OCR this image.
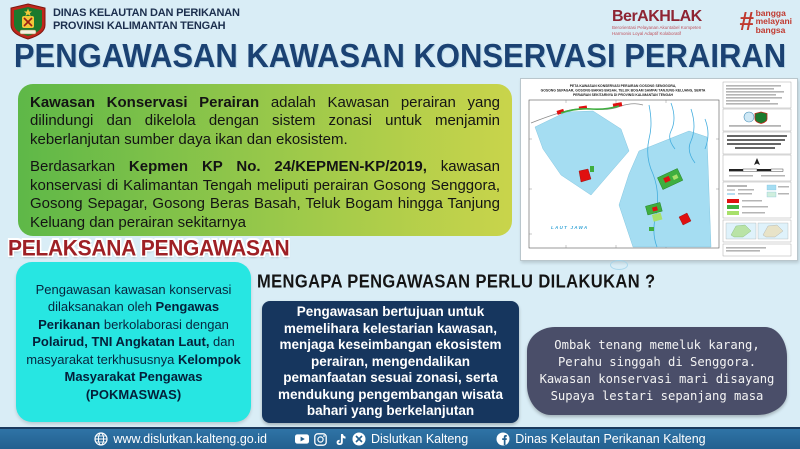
DINAS KELAUTAN DAN PERIKANAN
PROVINSI KALIMANTAN TENGAH
BerAKHLAK
Berorientasi Pelayanan Akuntabel Kompeten
Harmonis Loyal Adaptif Kolaboratif	# bangga
melayani
bangsa
PENGAWASAN KAWASAN KONSERVASI PERAIRAN

Kawasan Konservasi Perairan adalah Kawasan perairan yang dilindungi dan dikelola dengan sistem zonasi untuk menjamin keberlanjutan sumber daya ikan dan ekosistem.

Berdasarkan Kepmen KP No. 24/KEPMEN-KP/2019, kawasan konservasi di Kalimantan Tengah meliputi perairan Gosong Senggora, Gosong Sepagar, Gosong Beras Basah, Teluk Bogam hingga Tanjung Keluang dan perairan sekitarnya

PETA KAWASAN KONSERVASI PERAIRAN GOSONG SENGGORA,
GOSONG SEPAGAR, GOSONG BARAS BASAH, TELUK BOGAM SAMPAI TANJUNG KELUANG, SERTA
PERAIRAN SEKITARNYA DI PROVINSI KALIMANTAN TENGAH
LAUT JAWA
PELAKSANA PENGAWASAN
Pengawasan kawasan konservasi dilaksanakan oleh Pengawas Perikanan berkolaborasi dengan Polairud, TNI Angkatan Laut, dan masyarakat terkhususnya Kelompok Masyarakat Pengawas (POKMASWAS)
MENGAPA PENGAWASAN PERLU DILAKUKAN ?
Pengawasan bertujuan untuk memelihara kelestarian kawasan, menjaga keseimbangan ekosistem perairan, mengendalikan pemanfaatan sesuai zonasi, serta mendukung pengembangan wisata bahari yang berkelanjutan
Ombak tenang memeluk karang,
Perahu singgah di Senggora.
Kawasan konservasi mari disayang
Supaya lestari sepanjang masa
www.dislutkan.kalteng.go.id	Dislutkan Kalteng	Dinas Kelautan Perikanan Kalteng
